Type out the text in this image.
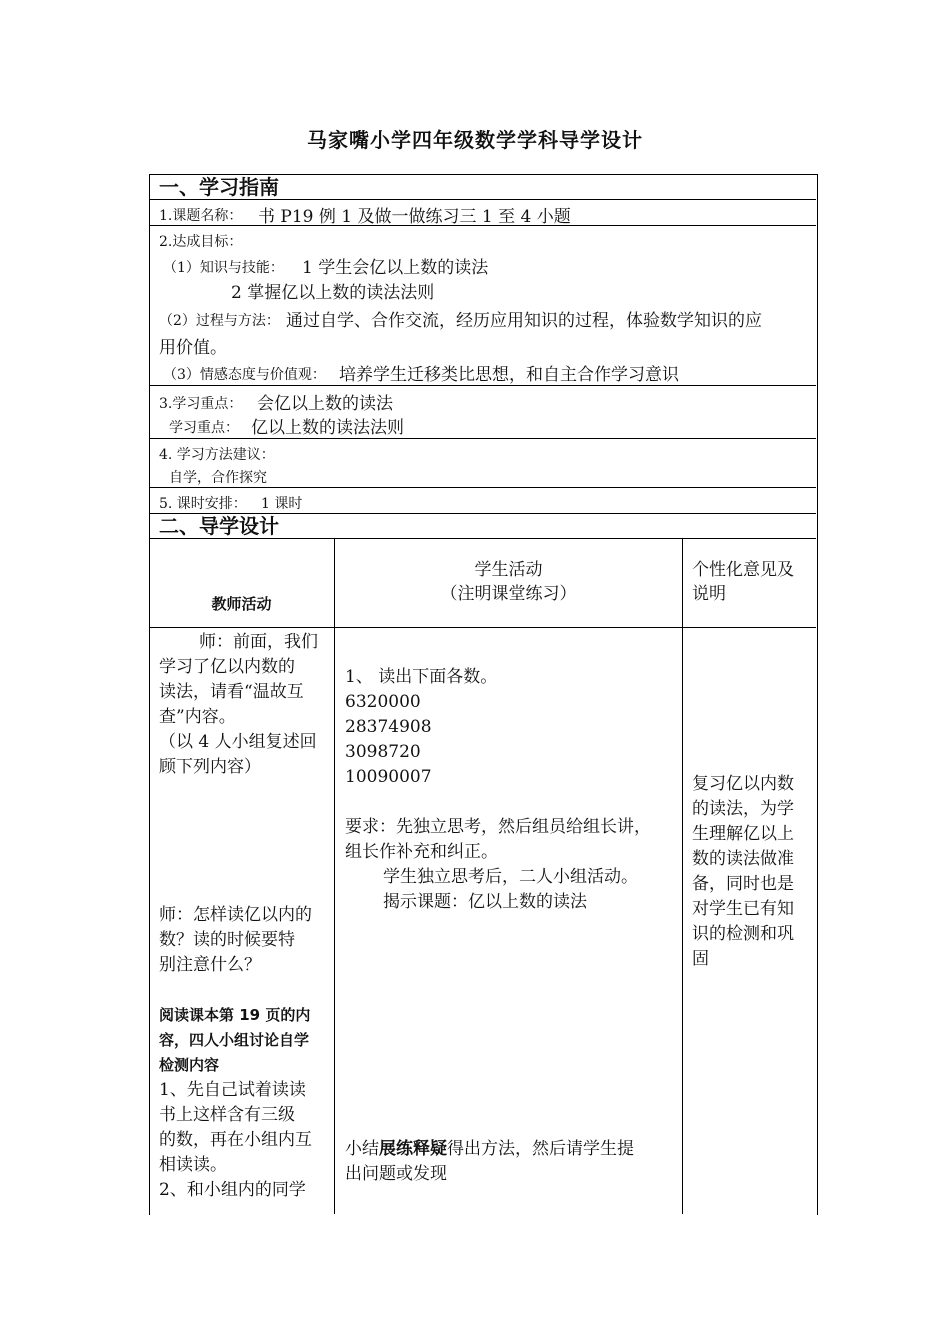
马家嘴小学四年级数学学科导学设计
一、学习指南
1.课题名称： 书 P19 例 1 及做一做练习三 1 至 4 小题
2.达成目标：
（1）知识与技能： 1 学生会亿以上数的读法
2 掌握亿以上数的读法法则
（2）过程与方法： 通过自学、合作交流，经历应用知识的过程，体验数学知识的应
用价值。
（3）情感态度与价值观： 培养学生迁移类比思想，和自主合作学习意识
3.学习重点： 会亿以上数的读法
学习重点： 亿以上数的读法法则
4. 学习方法建议：
自学，合作探究
5. 课时安排： 1 课时
二、导学设计
教师活动
学生活动
（注明课堂练习）
个性化意见及
说明
师：前面，我们
学习了亿以内数的
读法，请看“温故互
查”内容。
（以 4 人小组复述回
顾下列内容）
师：怎样读亿以内的
数？读的时候要特
别注意什么？
阅读课本第 19 页的内
容，四人小组讨论自学
检测内容
1、先自己试着读读
书上这样含有三级
的数，再在小组内互
相读读。
2、和小组内的同学
1、 读出下面各数。
6320000
28374908
3098720
10090007
要求：先独立思考，然后组员给组长讲，
组长作补充和纠正。
学生独立思考后，二人小组活动。
揭示课题：亿以上数的读法
小结展练释疑得出方法，然后请学生提
出问题或发现
复习亿以内数
的读法，为学
生理解亿以上
数的读法做准
备，同时也是
对学生已有知
识的检测和巩
固
